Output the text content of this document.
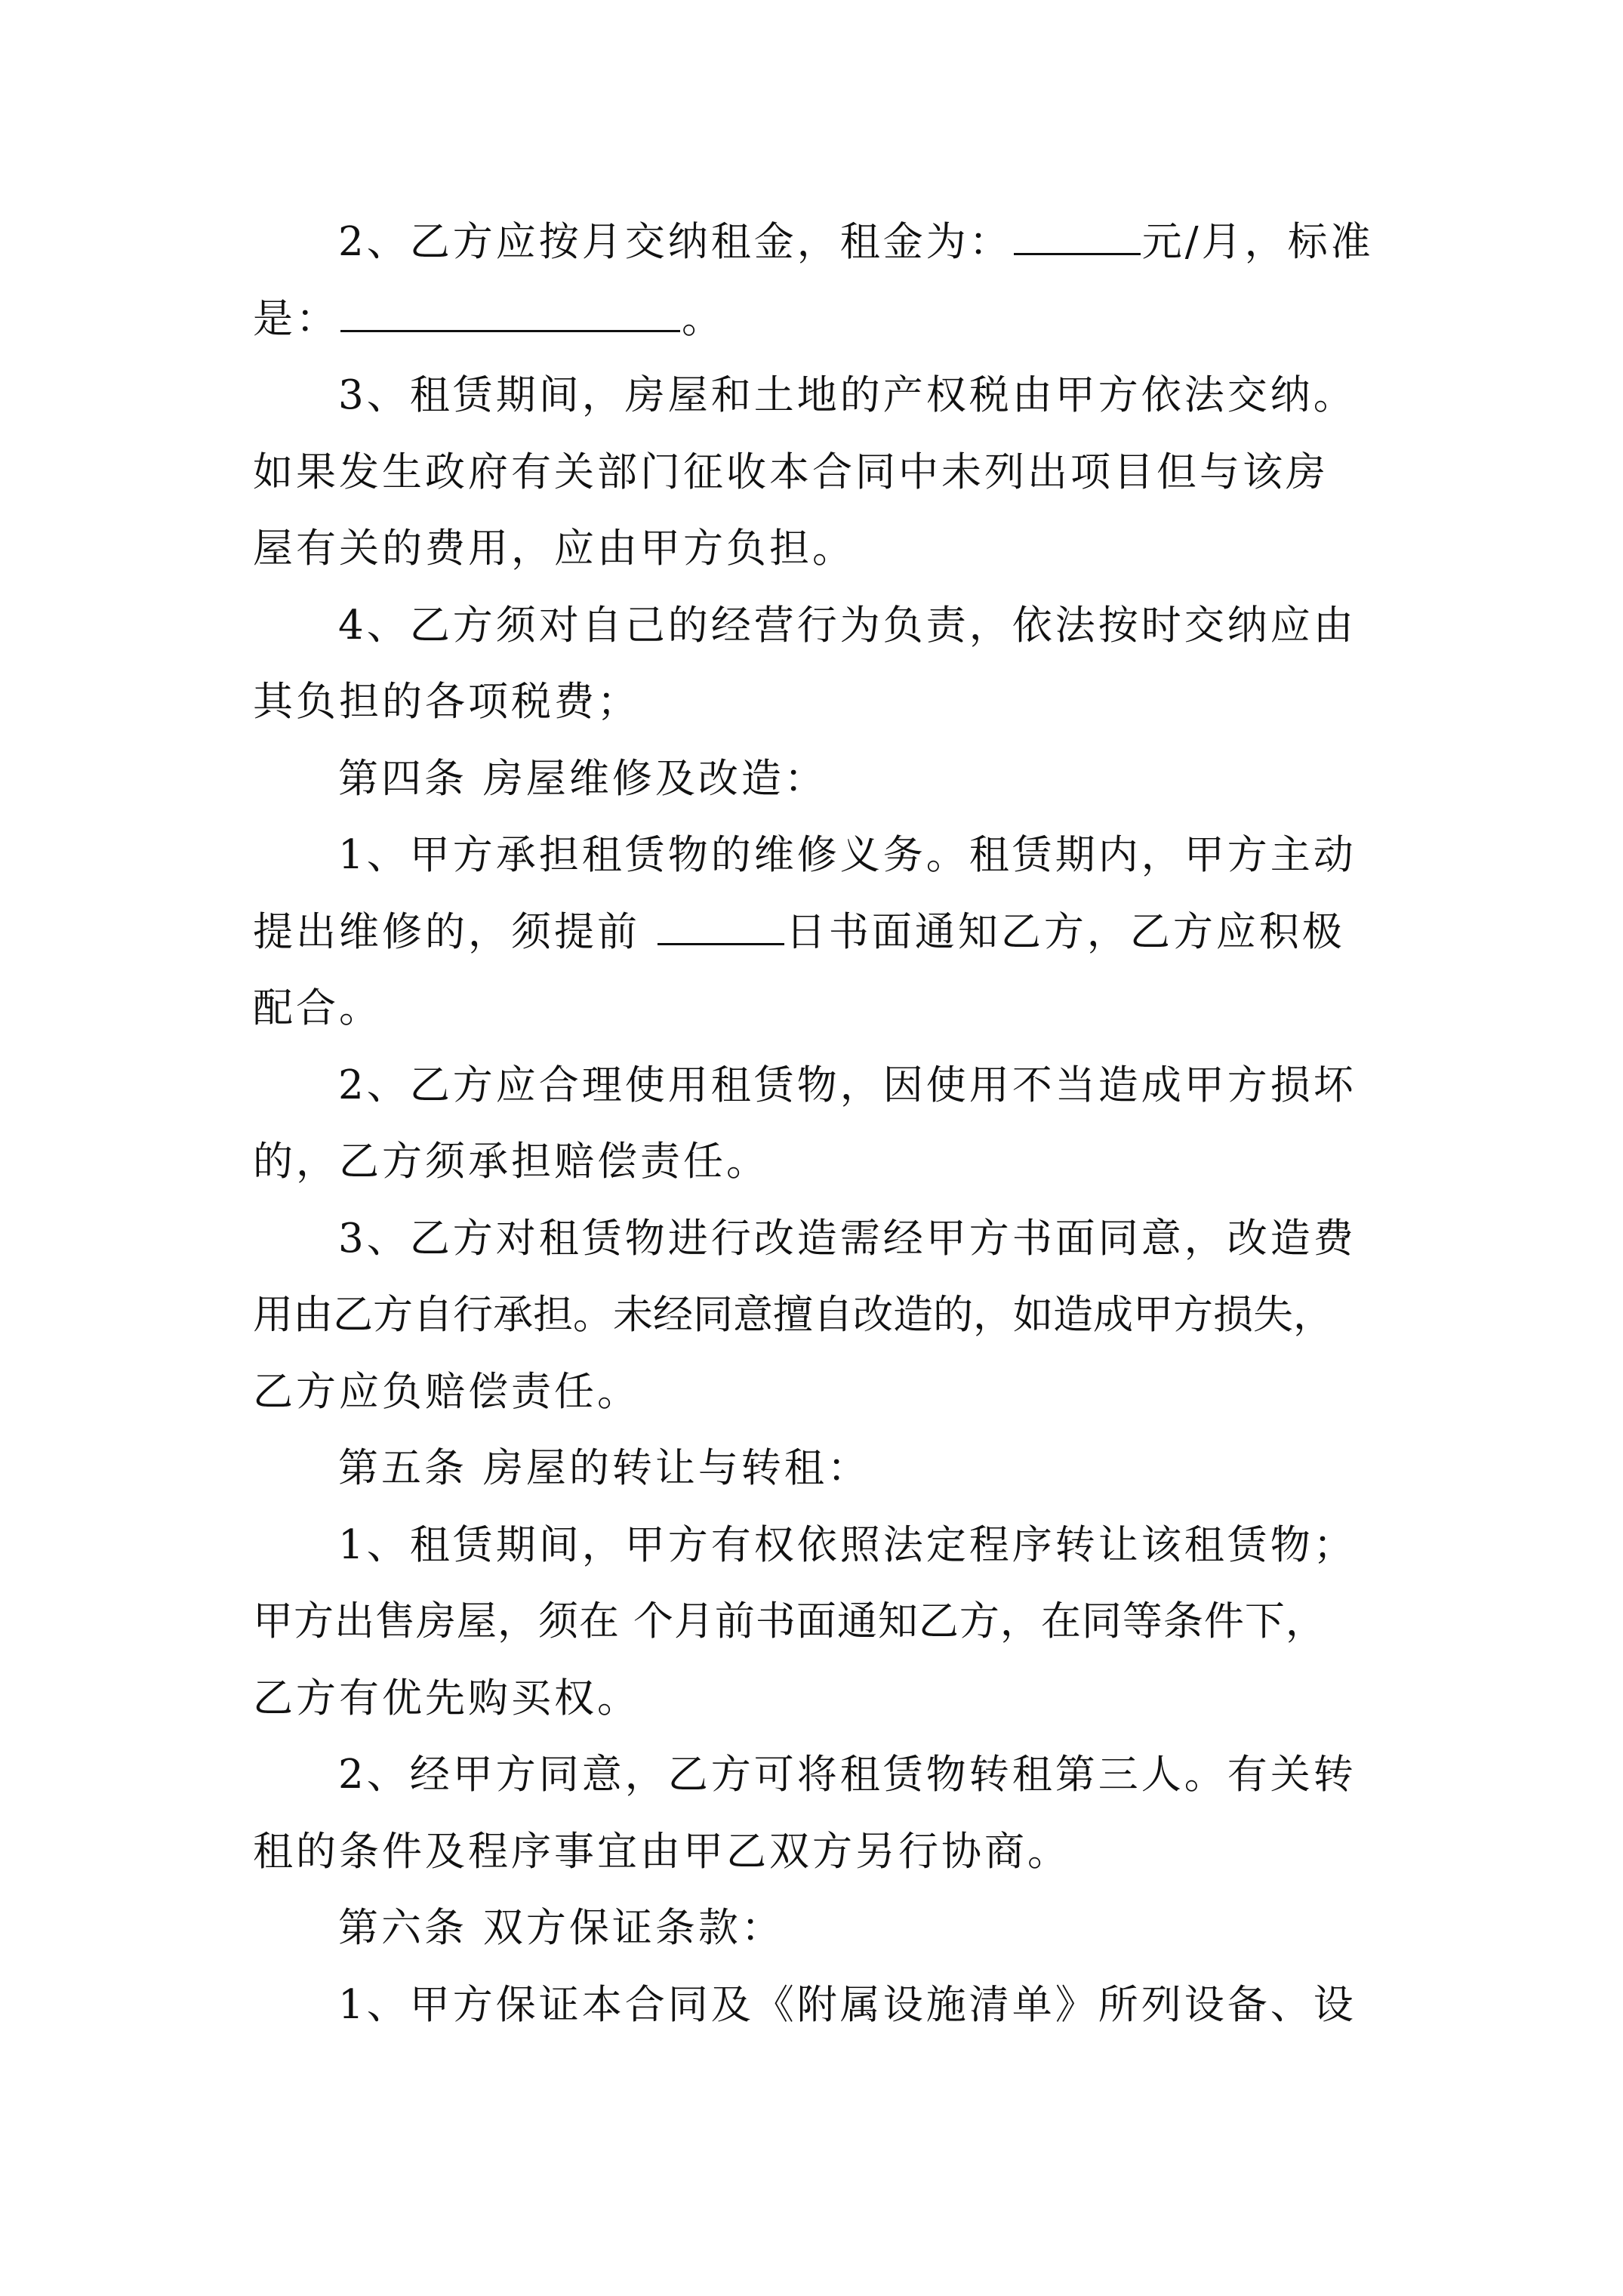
2、乙方应按月交纳租金，租金为：	元/月，标准
是：	。
3、租赁期间，房屋和土地的产权税由甲方依法交纳。
如果发生政府有关部门征收本合同中未列出项目但与该房
屋有关的费用，应由甲方负担。
4、乙方须对自己的经营行为负责，依法按时交纳应由
其负担的各项税费；
第四条 房屋维修及改造：
1、甲方承担租赁物的维修义务。租赁期内，甲方主动
提出维修的，须提前	日书面通知乙方，乙方应积极
配合。
2、乙方应合理使用租赁物，因使用不当造成甲方损坏
的，乙方须承担赔偿责任。
3、乙方对租赁物进行改造需经甲方书面同意，改造费
用由乙方自行承担。未经同意擅自改造的，如造成甲方损失，
乙方应负赔偿责任。
第五条 房屋的转让与转租：
1、租赁期间，甲方有权依照法定程序转让该租赁物；
甲方出售房屋，须在 个月前书面通知乙方，在同等条件下，
乙方有优先购买权。
2、经甲方同意，乙方可将租赁物转租第三人。有关转
租的条件及程序事宜由甲乙双方另行协商。
第六条 双方保证条款：
1、甲方保证本合同及《附属设施清单》所列设备、设
